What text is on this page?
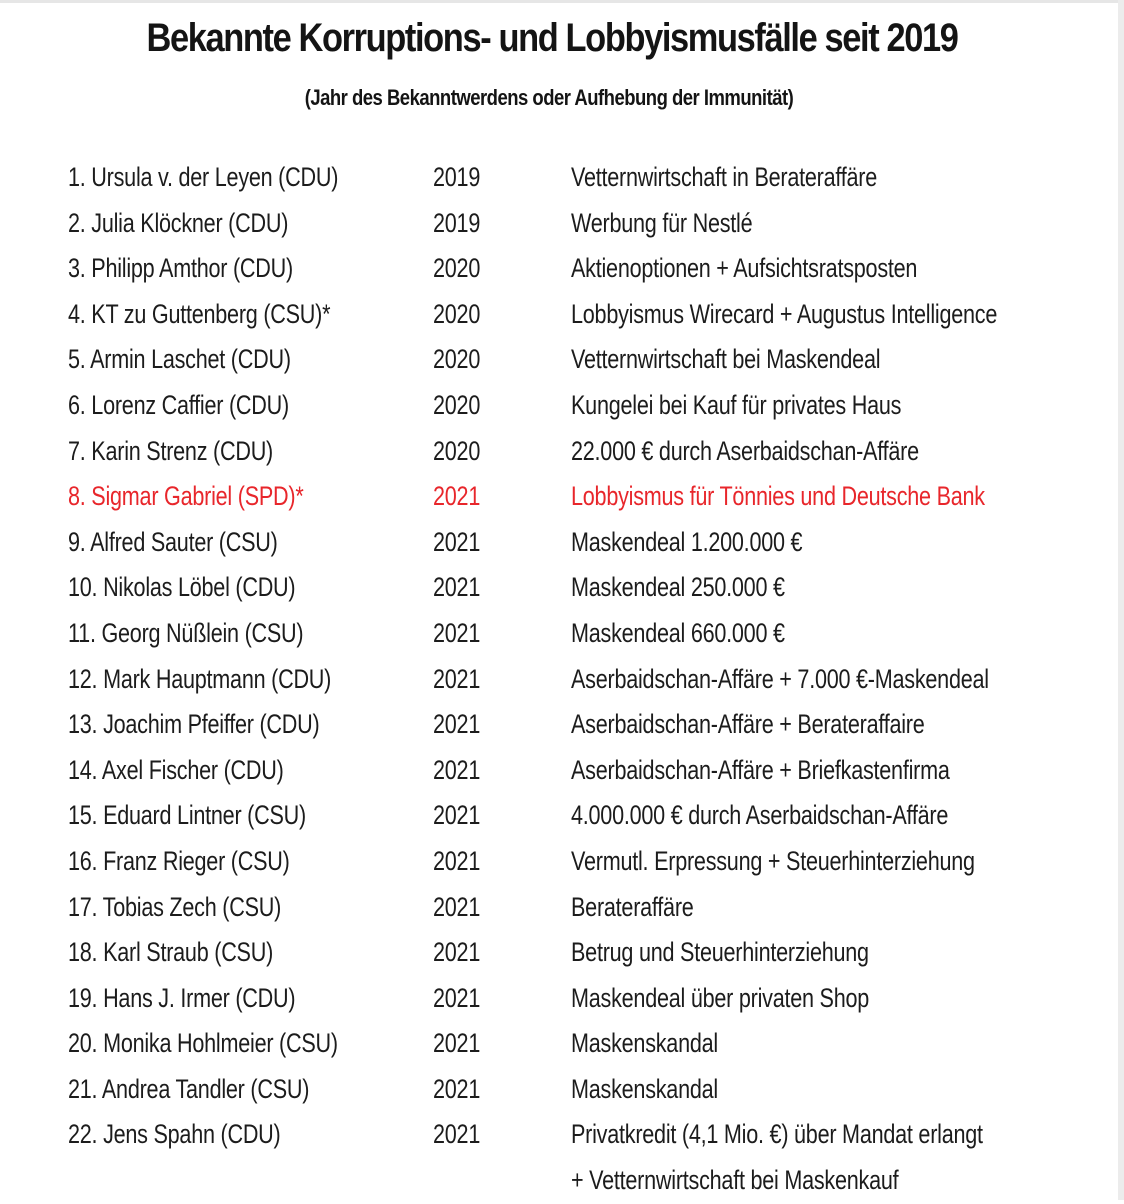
Bekannte Korruptions- und Lobbyismusfälle seit 2019
(Jahr des Bekanntwerdens oder Aufhebung der Immunität)
1. Ursula v. der Leyen (CDU)	2019	Vetternwirtschaft in Berateraffäre
2. Julia Klöckner (CDU)	2019	Werbung für Nestlé
3. Philipp Amthor (CDU)	2020	Aktienoptionen + Aufsichtsratsposten
4. KT zu Guttenberg (CSU)*	2020	Lobbyismus Wirecard + Augustus Intelligence
5. Armin Laschet (CDU)	2020	Vetternwirtschaft bei Maskendeal
6. Lorenz Caffier (CDU)	2020	Kungelei bei Kauf für privates Haus
7. Karin Strenz (CDU)	2020	22.000 € durch Aserbaidschan-Affäre
8. Sigmar Gabriel (SPD)*	2021	Lobbyismus für Tönnies und Deutsche Bank
9. Alfred Sauter (CSU)	2021	Maskendeal 1.200.000 €
10. Nikolas Löbel (CDU)	2021	Maskendeal 250.000 €
11. Georg Nüßlein (CSU)	2021	Maskendeal 660.000 €
12. Mark Hauptmann (CDU)	2021	Aserbaidschan-Affäre + 7.000 €-Maskendeal
13. Joachim Pfeiffer (CDU)	2021	Aserbaidschan-Affäre + Berateraffaire
14. Axel Fischer (CDU)	2021	Aserbaidschan-Affäre + Briefkastenfirma
15. Eduard Lintner (CSU)	2021	4.000.000 € durch Aserbaidschan-Affäre
16. Franz Rieger (CSU)	2021	Vermutl. Erpressung + Steuerhinterziehung
17. Tobias Zech (CSU)	2021	Berateraffäre
18. Karl Straub (CSU)	2021	Betrug und Steuerhinterziehung
19. Hans J. Irmer (CDU)	2021	Maskendeal über privaten Shop
20. Monika Hohlmeier (CSU)	2021	Maskenskandal
21. Andrea Tandler (CSU)	2021	Maskenskandal
22. Jens Spahn (CDU)	2021	Privatkredit (4,1 Mio. €) über Mandat erlangt
+ Vetternwirtschaft bei Maskenkauf
